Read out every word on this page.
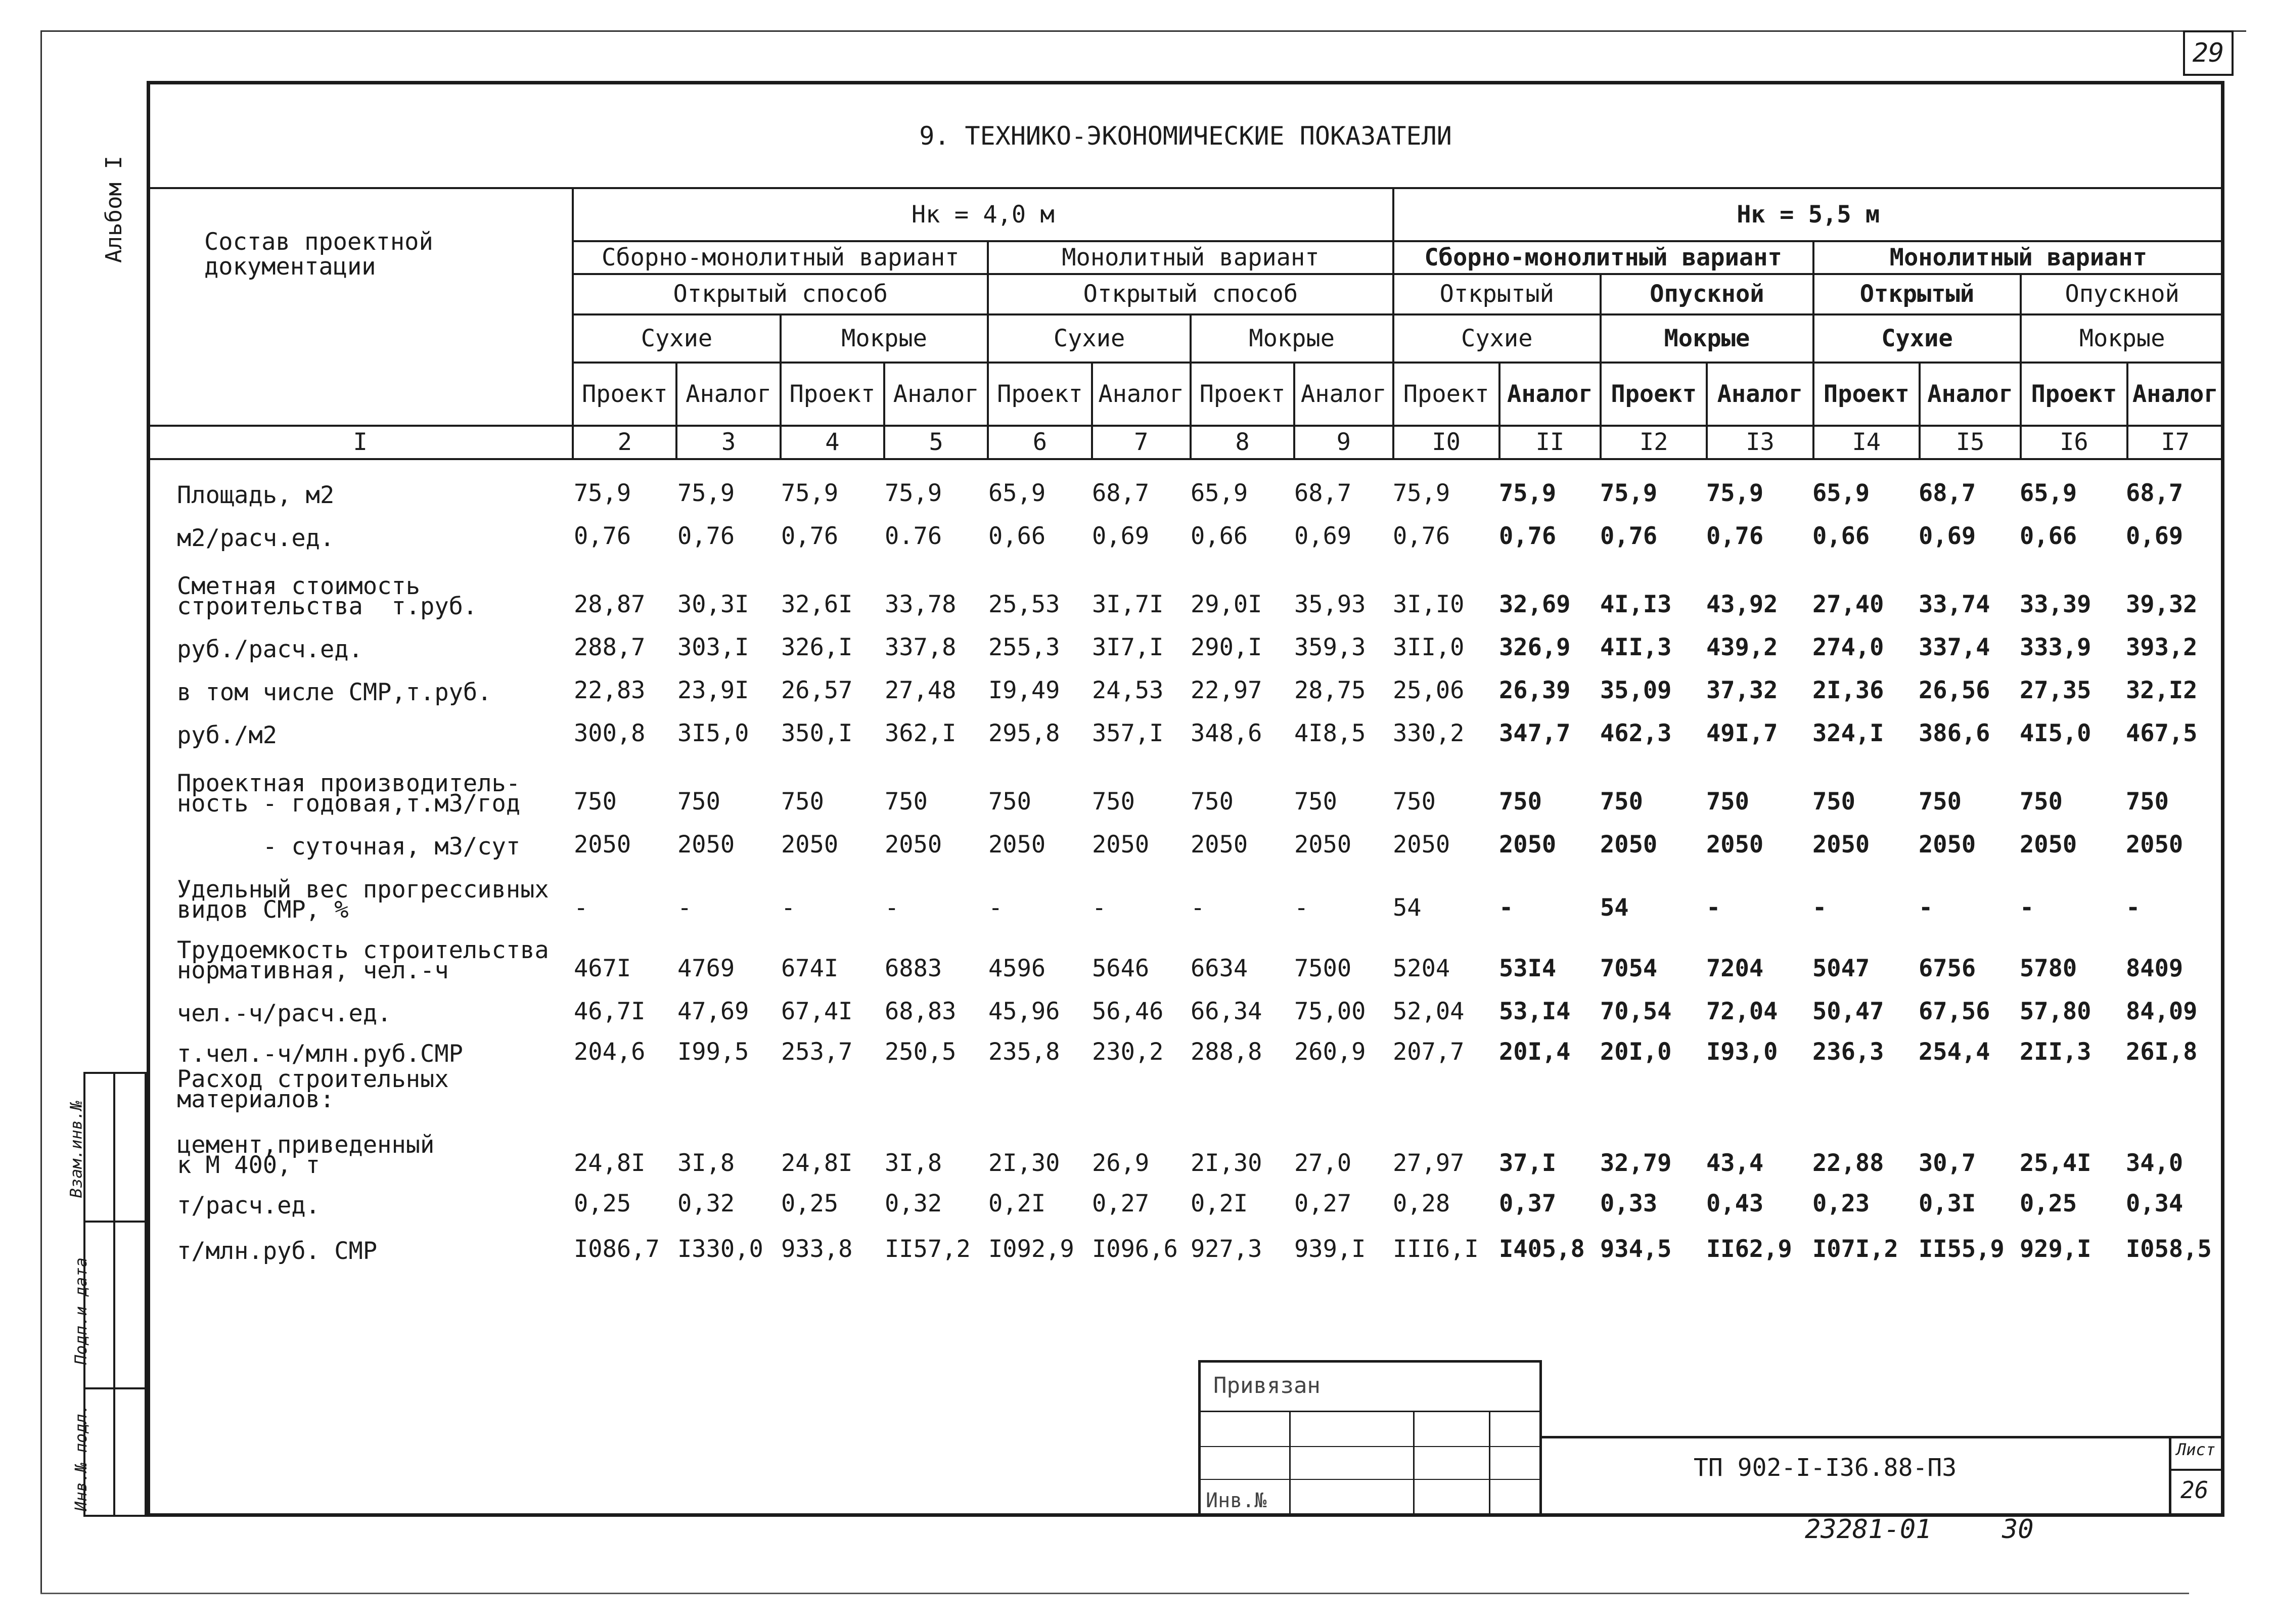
29
Альбом I
9. ТЕХНИКО-ЭКОНОМИЧЕСКИЕ ПОКАЗАТЕЛИ
Состав проектной
документации	Нк = 4,0 м								Нк = 5,5 м							
	Сборно-монолитный вариант				Монолитный вариант				Сборно-монолитный вариант				Монолитный вариант			
	Открытый способ				Открытый способ				Открытый		Опускной		Открытый		Опускной	
	Сухие		Мокрые		Сухие		Мокрые		Сухие		Мокрые		Сухие		Мокрые	
	Проект	Аналог	Проект	Аналог	Проект	Аналог	Проект	Аналог	Проект	Аналог	Проект	Аналог	Проект	Аналог	Проект	Аналог
I	2	3	4	5	6	7	8	9	I0	II	I2	I3	I4	I5	I6	I7
Площадь, м2	75,9 75,9 75,9 75,9 65,9 68,7 65,9 68,7 75,9 75,9 75,9 75,9 65,9 68,7 65,9 68,7
м2/расч.ед.	0,76 0,76 0,76 0.76 0,66 0,69 0,66 0,69 0,76 0,76 0,76 0,76 0,66 0,69 0,66 0,69
Сметная стоимость
строительства  т.руб.	28,87 30,3I 32,6I 33,78 25,53 3I,7I 29,0I 35,93 3I,I0 32,69 4I,I3 43,92 27,40 33,74 33,39 39,32
руб./расч.ед.	288,7 303,I 326,I 337,8 255,3 3I7,I 290,I 359,3 3II,0 326,9 4II,3 439,2 274,0 337,4 333,9 393,2
в том числе СМР,т.руб.	22,83 23,9I 26,57 27,48 I9,49 24,53 22,97 28,75 25,06 26,39 35,09 37,32 2I,36 26,56 27,35 32,I2
руб./м2	300,8 3I5,0 350,I 362,I 295,8 357,I 348,6 4I8,5 330,2 347,7 462,3 49I,7 324,I 386,6 4I5,0 467,5
Проектная производитель-
ность - годовая,т.м3/год 750	750	750	750	750	750 750	750 750	750 750	750	750	750 750	750
- суточная, м3/сут 2050 2050 2050 2050 2050 2050 2050 2050 2050 2050 2050 2050 2050 2050 2050 2050
Удельный вес прогрессивных
видов СМР, %	-	-	-	-	-	-	-	-	54	-	54	-	-	-	-	-
Трудоемкость строительства
нормативная, чел.-ч	467I 4769 674I 6883 4596 5646 6634 7500 5204 53I4 7054 7204 5047 6756 5780 8409
чел.-ч/расч.ед.	46,7I 47,69 67,4I 68,83 45,96 56,46 66,34 75,00 52,04 53,I4 70,54 72,04 50,47 67,56 57,80 84,09
т.чел.-ч/млн.руб.СМР	204,6 I99,5 253,7 250,5 235,8 230,2 288,8 260,9 207,7 20I,4 20I,0 I93,0 236,3 254,4 2II,3 26I,8
Расход строительных
материалов:
цемент,приведенный
к М 400, т	24,8I 3I,8 24,8I 3I,8 2I,30 26,9 2I,30 27,0 27,97 37,I 32,79 43,4 22,88 30,7 25,4I 34,0
т/расч.ед.	0,25 0,32 0,25 0,32 0,2I 0,27 0,2I 0,27 0,28 0,37 0,33 0,43 0,23 0,3I 0,25 0,34
т/млн.руб. СМР	I086,7 I330,0 933,8 II57,2 I092,9 I096,6 927,3 939,I III6,I I405,8 934,5 II62,9 I07I,2 II55,9 929,I I058,5
Взам.инв.№
Подп.и дата
Инв.№ подл.
Привязан
Инв.№
ТП 902-I-I36.88-ПЗ
Лист
26
23281-01	30
